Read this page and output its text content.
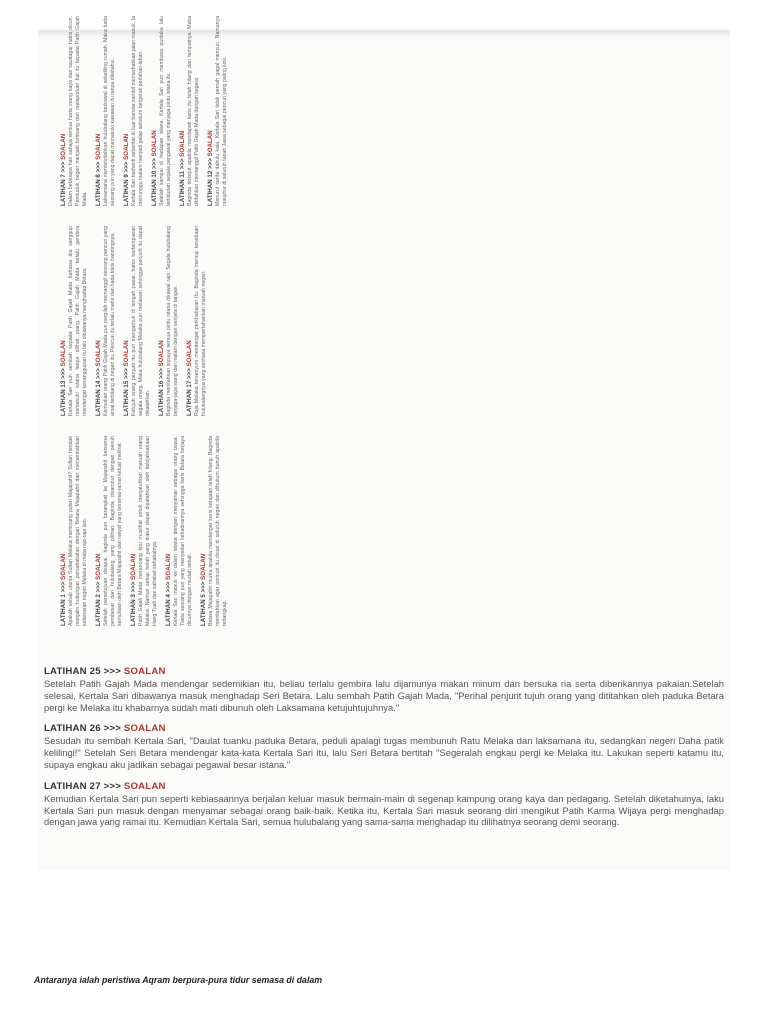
LATIHAN 1 >>> SOALAN Apakah sebab utama Sultan Melaka meminang puteri Majapahit? Sultan hendak menjalin hubungan persahabatan dengan Betara Majapahit dan menambahkan kebesaran negeri Melaka di mata raja-raja lain. LATIHAN 2 >>> SOALAN Setelah persetujuan dicapai, baginda pun berangkat ke Majapahit bersama pembesar dan hulubalang yang pilihan. Baginda disambut dengan penuh kemuliaan oleh Betara Majapahit dan rakyat yang beramai-ramai keluar melihat. LATIHAN 3 >>> SOALAN Patih Gajah Mada merancang tipu muslihat untuk menjatuhkan maruah orang Melaka. Namun setiap helah yang diatur dapat dipatahkan oleh kebijaksanaan Hang Tuah dan sahabat-sahabatnya. LATIHAN 4 >>> SOALAN Kertala Sari masuk ke dalam istana dengan menyamar sebagai orang biasa. Tiada seorang pun yang menyedari kehadirannya sehingga keris Betara berjaya dicurinya dengan mudah sekali. LATIHAN 5 >>> SOALAN Betara Majapahit murka apabila mendengar keris kerajaan telah hilang. Baginda menitahkan agar pencuri itu dicari di seluruh negeri dan dihukum bunuh apabila tertangkap.
LATIHAN 13 >>> SOALAN Kertala Sari pun sembah kepada Patih Gajah Mada bahawa dia sanggup memasuki istana tanpa dilihat orang. Patih Gajah Mada terlalu gembira mendengar kesanggupan itu lalu dibawanya menghadap Betara. LATIHAN 14 >>> SOALAN Kemudian orang Patih Gajah Mada pun pergilah memanggil seorang pencuri yang amat terbilang di negeri itu. Pencuri itu terlalu mahir dan tiada tolok bandingnya. LATIHAN 15 >>> SOALAN Ketujuh orang penjurit itu pun mengamuk di tengah pasar, habis bertempiaran segala orang. Maka hulubalang Melaka pun melawan sehingga penjurit itu dapat dikalahkan. LATIHAN 16 >>> SOALAN Baginda menitahkan supaya semua pintu istana dikawal rapi. Segala hulubalang berjaga-jaga siang dan malam dengan senjata di tangan. LATIHAN 17 >>> SOALAN Raja Melaka tersenyum mendengar perkhabaran itu. Baginda memuji kesetiaan hulubalangnya yang sentiasa mempertahankan maruah negeri.
LATIHAN 7 >>> SOALAN Dalam beberapa hari sahaja semua harta orang kaya dan saudagar habis dicuri. Penduduk negeri menjadi bimbang dan melaporkan hal itu kepada Patih Gajah Mada. LATIHAN 8 >>> SOALAN Laksamana memerintahkan hulubalang berkawal di sekeliling rumah. Maka tiada seorang pun yang dapat memasuki kawasan itu tanpa diketahui. LATIHAN 9 >>> SOALAN Kertala Sari berhenti sebentar di luar bandar sambil memerhatikan jalan masuk. Ia menunggu malam menjadi gelap sebelum bergerak perlahan-lahan. LATIHAN 10 >>> SOALAN Setelah sampai di hadapan istana, Kertala Sari pun membaca pustaka lalu tertidurlah segala pengawal yang menjaga pintu istana itu. LATIHAN 11 >>> SOALAN Baginda terkejut apabila mendapati keris itu telah hilang dari tempatnya. Maka dititahkan memanggil Patih Gajah Mada dengan segera. LATIHAN 12 >>> SOALAN Menurut cerita dahulu kala, Kertala Sari tidak pernah gagal mencuri. Namanya masyhur di seluruh tanah Jawa sebagai pencuri yang paling licik.
LATIHAN 25 >>> SOALAN
Setelah Patih Gajah Mada mendengar sedemikian itu, beliau terlalu gembira lalu dijamunya makan minum dan bersuka ria serta diberikannya pakaian.Setelah selesai, Kertala Sari dibawanya masuk menghadap Seri Betara. Lalu sembah Patih Gajah Mada, "Perihal penjurit tujuh orang yang dititahkan oleh paduka Betara pergi ke Melaka itu khabarnya sudah mati dibunuh oleh Laksamana ketujuhtujuhnya."
LATIHAN 26 >>> SOALAN
Sesudah itu sembah Kertala Sari, "Daulat tuanku paduka Betara, peduli apalagi tugas membunuh Ratu Melaka dan laksamana itu, sedangkan negeri Daha patik kelilingi!" Setelah Seri Betara mendengar kata-kata Kertala Sari itu, lalu Seri Betara bertitah "Segeralah engkau pergi ke Melaka itu. Lakukan seperti katamu itu, supaya engkau aku jadikan sebagai pegawai besar istana."
LATIHAN 27 >>> SOALAN
Kemudian Kertala Sari pun seperti kebiasaannya berjalan keluar masuk bermain-main di segenap kampung orang kaya dan pedagang. Setelah diketahuinya, laku Kertala Sari pun masuk dengan menyamar sebagai orang baik-baik. Ketika itu, Kertala Sari masuk seorang diri mengikut Patih Karma Wijaya pergi menghadap dengan jawa yang ramai itu. Kemudian Kertala Sari, semua hulubalang yang sama-sama menghadap itu dilihatnya seorang demi seorang.
Antaranya ialah peristiwa Aqram berpura-pura tidur semasa di dalam
